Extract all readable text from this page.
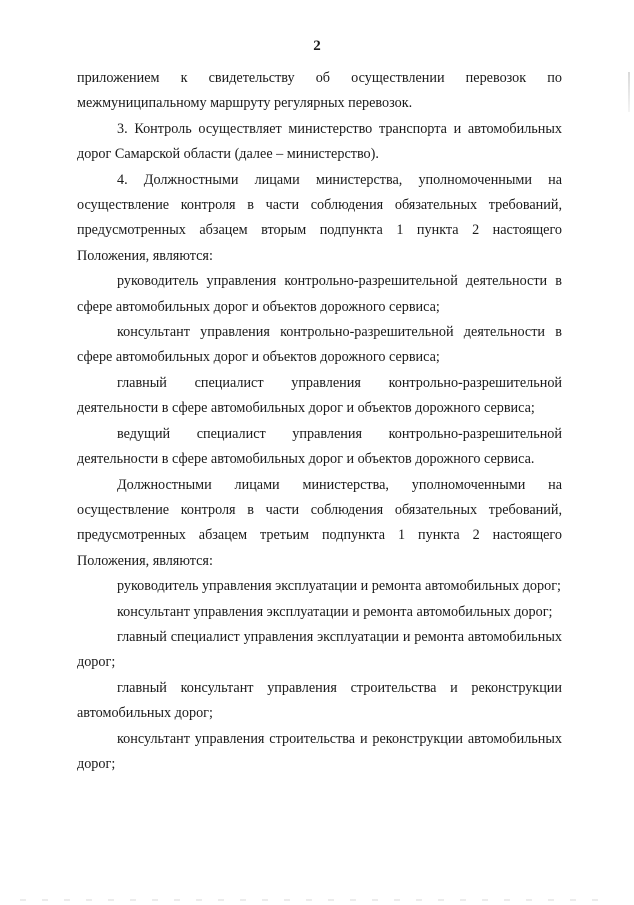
2

приложением к свидетельству об осуществлении перевозок по межмуниципальному маршруту регулярных перевозок.

3. Контроль осуществляет министерство транспорта и автомобильных дорог Самарской области (далее – министерство).

4. Должностными лицами министерства, уполномоченными на осуществление контроля в части соблюдения обязательных требований, предусмотренных абзацем вторым подпункта 1 пункта 2 настоящего Положения, являются:

руководитель управления контрольно-разрешительной деятельности в сфере автомобильных дорог и объектов дорожного сервиса;

консультант управления контрольно-разрешительной деятельности в сфере автомобильных дорог и объектов дорожного сервиса;

главный специалист управления контрольно-разрешительной деятельности в сфере автомобильных дорог и объектов дорожного сервиса;

ведущий специалист управления контрольно-разрешительной деятельности в сфере автомобильных дорог и объектов дорожного сервиса.

Должностными лицами министерства, уполномоченными на осуществление контроля в части соблюдения обязательных требований, предусмотренных абзацем третьим подпункта 1 пункта 2 настоящего Положения, являются:

руководитель управления эксплуатации и ремонта автомобильных дорог;

консультант управления эксплуатации и ремонта автомобильных дорог;

главный специалист управления эксплуатации и ремонта автомобильных дорог;

главный консультант управления строительства и реконструкции автомобильных дорог;

консультант управления строительства и реконструкции автомобильных дорог;
